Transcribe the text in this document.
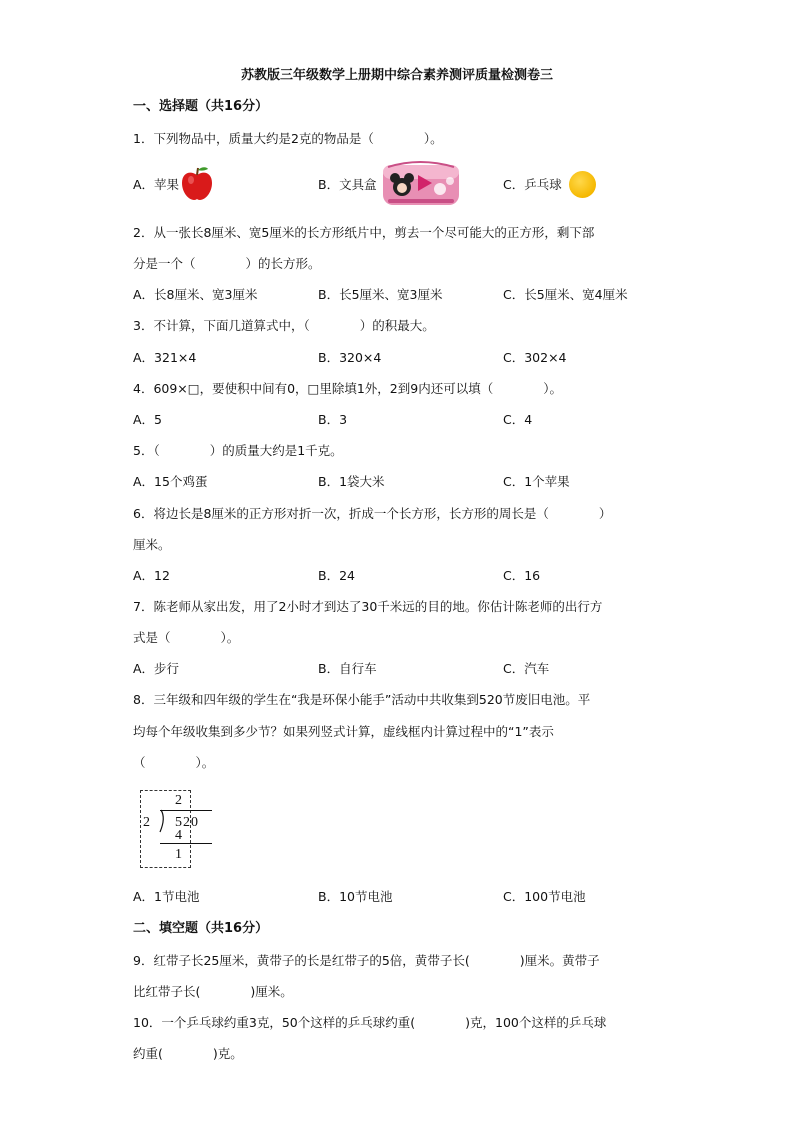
苏教版三年级数学上册期中综合素养测评质量检测卷三
一、选择题（共16分）
1．下列物品中，质量大约是2克的物品是（　　　　）。
A．苹果	B．文具盒	C．乒乓球
2．从一张长8厘米、宽5厘米的长方形纸片中，剪去一个尽可能大的正方形，剩下部
分是一个（　　　　）的长方形。
A．长8厘米、宽3厘米	B．长5厘米、宽3厘米	C．长5厘米、宽4厘米
3．不计算，下面几道算式中，（　　　　）的积最大。
A．321×4	B．320×4	C．302×4
4．609×□，要使积中间有0，□里除填1外，2到9内还可以填（　　　　）。
A．5	B．3	C．4
5．（　　　　）的质量大约是1千克。
A．15个鸡蛋	B．1袋大米	C．1个苹果
6．将边长是8厘米的正方形对折一次，折成一个长方形，长方形的周长是（　　　　）
厘米。
A．12	B．24	C．16
7．陈老师从家出发，用了2小时才到达了30千米远的目的地。你估计陈老师的出行方
式是（　　　　）。
A．步行	B．自行车	C．汽车
8．三年级和四年级的学生在“我是环保小能手”活动中共收集到520节废旧电池。平
均每个年级收集到多少节？如果列竖式计算，虚线框内计算过程中的“1”表示
（　　　　）。
2
2 520
4
1
A．1节电池	B．10节电池	C．100节电池
二、填空题（共16分）
9．红带子长25厘米，黄带子的长是红带子的5倍，黄带子长(　　　　)厘米。黄带子
比红带子长(　　　　)厘米。
10．一个乒乓球约重3克，50个这样的乒乓球约重(　　　　)克，100个这样的乒乓球
约重(　　　　)克。
